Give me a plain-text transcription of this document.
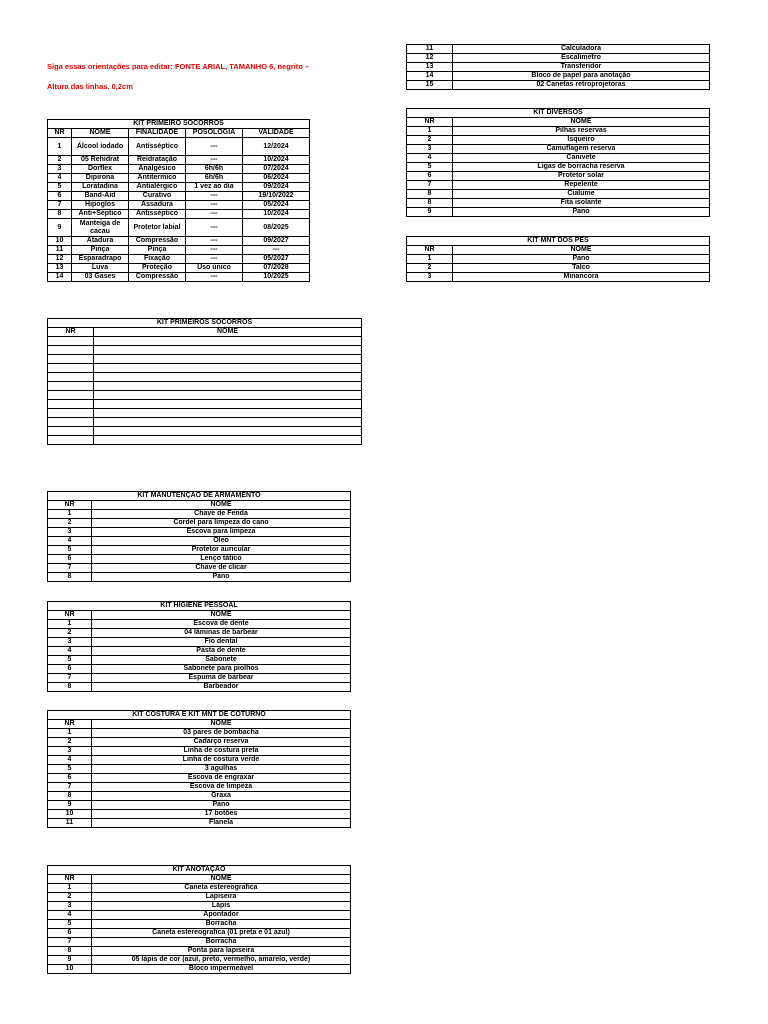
Siga essas orientações para editar: FONTE ARIAL, TAMANHO 6, negrito –
Altura das linhas. 0,2cm
KIT PRIMEIRO SOCORROS				
NR	NOME	FINALIDADE	POSOLOGIA	VALIDADE
1	Álcool iodado	Antisséptico	---	12/2024
2	05 Rehidrat	Reidratação	---	10/2024
3	Dorflex	Analgésico	6h/6h	07/2024
4	Dipirona	Antitermico	6h/6h	06/2024
5	Loratadina	Antialérgico	1 vez ao dia	09/2024
6	Band-Aid	Curativo	---	19/10/2022
7	Hipoglos	Assadura	---	05/2024
8	Anti+Séptico	Antisséptico	---	10/2024
9	Manteiga de cacau	Protetor labial	---	08/2025
10	Atadura	Compressão	---	09/2027
11	Pinça	Pinça	---	---
12	Esparadrapo	Fixação	---	05/2027
13	Luva	Proteção	Uso único	07/2028
14	03 Gases	Compressão	---	10/2025
KIT PRIMEIROS SOCORROS	
NR	NOME

KIT MANUTENÇÃO DE ARMAMENTO	
NR	NOME
1	Chave de Fenda
2	Cordel para limpeza do cano
3	Escova para limpeza
4	Óleo
5	Protetor auricular
6	Lenço tático
7	Chave de clicar
8	Pano
KIT HIGIENE PESSOAL	
NR	NOME
1	Escova de dente
2	04 lâminas de barbear
3	Fio dental
4	Pasta de dente
5	Sabonete
6	Sabonete para piolhos
7	Espuma de barbear
8	Barbeador
KIT COSTURA E KIT MNT DE COTURNO	
NR	NOME
1	03 pares de bombacha
2	Cadarço reserva
3	Linha de costura preta
4	Linha de costura verde
5	3 agulhas
6	Escova de engraxar
7	Escova de limpeza
8	Graxa
9	Pano
10	17 botões
11	Flanela
KIT ANOTAÇÃO	
NR	NOME
1	Caneta estereografica
2	Lapiseira
3	Lápis
4	Apontador
5	Borracha
6	Caneta estereografica (01 preta e 01 azul)
7	Borracha
8	Ponta para lapiseira
9	05 lápis de cor (azul, preto, vermelho, amarelo, verde)
10	Bloco impermeável
11	Calculadora
12	Escalímetro
13	Transferidor
14	Bloco de papel para anotação
15	02 Canetas retroprojetoras
KIT DIVERSOS	
NR	NOME
1	Pilhas reservas
2	Isqueiro
3	Camuflagem reserva
4	Canivete
5	Ligas de borracha reserva
6	Protetor solar
7	Repelente
8	Cialume
8	Fita isolante
9	Pano
KIT MNT DOS PÉS	
NR	NOME
1	Pano
2	Talco
3	Minancora
